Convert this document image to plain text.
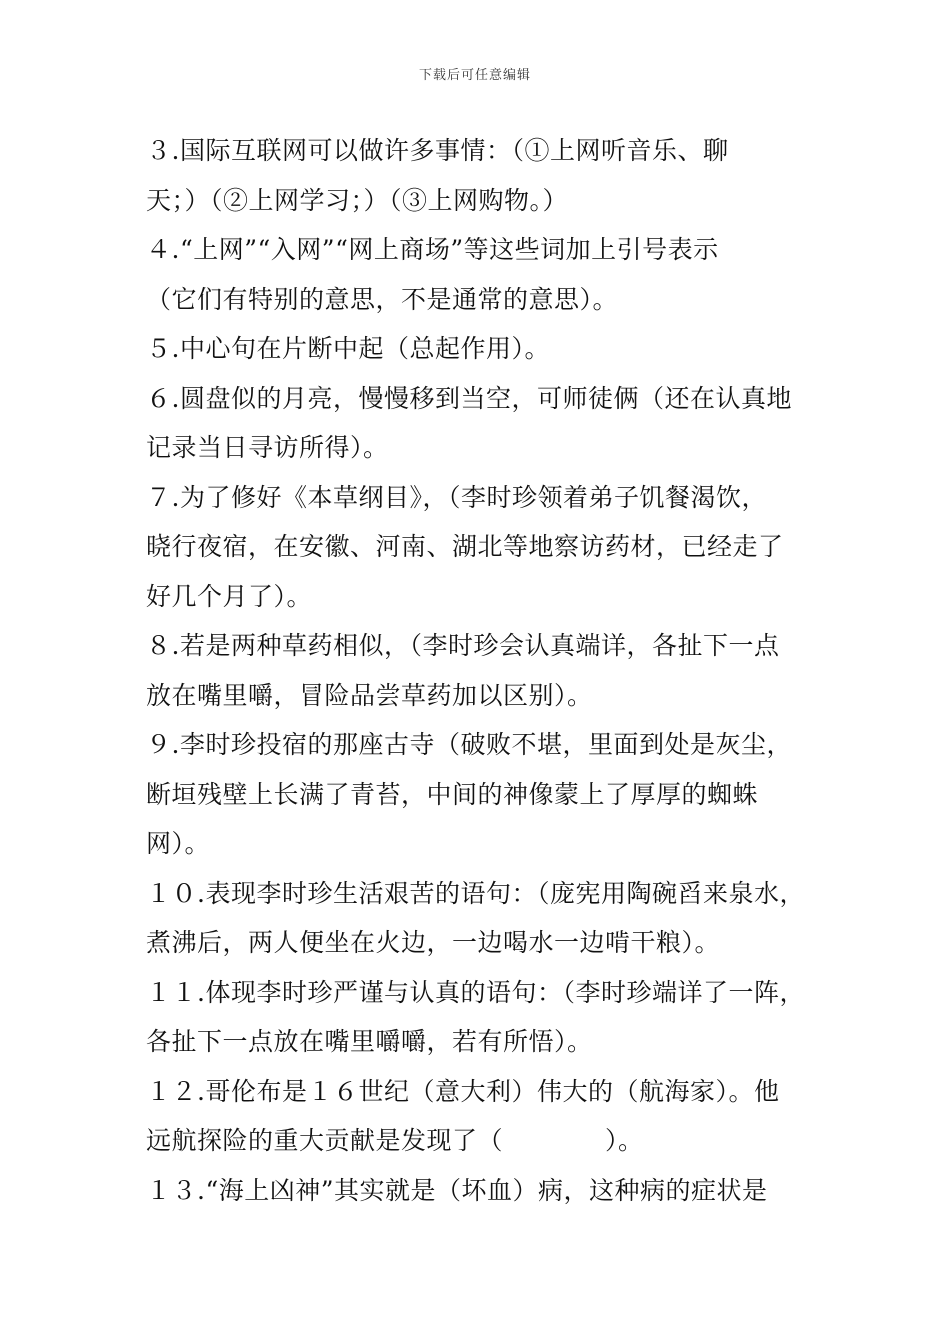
下载后可任意编辑
３.国际互联网可以做许多事情：（①上网听音乐、聊
天；）（②上网学习；）（③上网购物。）
４.“上网”“入网”“网上商场”等这些词加上引号表示
（它们有特别的意思，不是通常的意思）。
５.中心句在片断中起（总起作用）。
６.圆盘似的月亮，慢慢移到当空，可师徒俩（还在认真地
记录当日寻访所得）。
７.为了修好《本草纲目》，（李时珍领着弟子饥餐渴饮，
晓行夜宿，在安徽、河南、湖北等地察访药材，已经走了
好几个月了）。
８.若是两种草药相似，（李时珍会认真端详，各扯下一点
放在嘴里嚼，冒险品尝草药加以区别）。
９.李时珍投宿的那座古寺（破败不堪，里面到处是灰尘，
断垣残壁上长满了青苔，中间的神像蒙上了厚厚的蜘蛛
网）。
１０.表现李时珍生活艰苦的语句：（庞宪用陶碗舀来泉水，
煮沸后，两人便坐在火边，一边喝水一边啃干粮）。
１１.体现李时珍严谨与认真的语句：（李时珍端详了一阵，
各扯下一点放在嘴里嚼嚼，若有所悟）。
１２.哥伦布是１６世纪（意大利）伟大的（航海家）。他
远航探险的重大贡献是发现了（　　　　）。
１３.“海上凶神”其实就是（坏血）病，这种病的症状是
